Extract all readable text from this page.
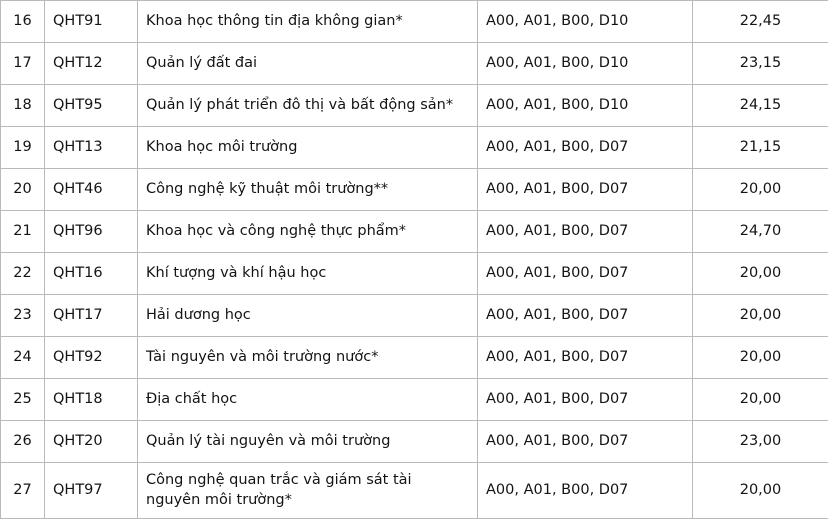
16	QHT91	Khoa học thông tin địa không gian*	A00, A01, B00, D10	22,45
17	QHT12	Quản lý đất đai	A00, A01, B00, D10	23,15
18	QHT95	Quản lý phát triển đô thị và bất động sản*	A00, A01, B00, D10	24,15
19	QHT13	Khoa học môi trường	A00, A01, B00, D07	21,15
20	QHT46	Công nghệ kỹ thuật môi trường**	A00, A01, B00, D07	20,00
21	QHT96	Khoa học và công nghệ thực phẩm*	A00, A01, B00, D07	24,70
22	QHT16	Khí tượng và khí hậu học	A00, A01, B00, D07	20,00
23	QHT17	Hải dương học	A00, A01, B00, D07	20,00
24	QHT92	Tài nguyên và môi trường nước*	A00, A01, B00, D07	20,00
25	QHT18	Địa chất học	A00, A01, B00, D07	20,00
26	QHT20	Quản lý tài nguyên và môi trường	A00, A01, B00, D07	23,00
27	QHT97	Công nghệ quan trắc và giám sát tài nguyên môi trường*	A00, A01, B00, D07	20,00
